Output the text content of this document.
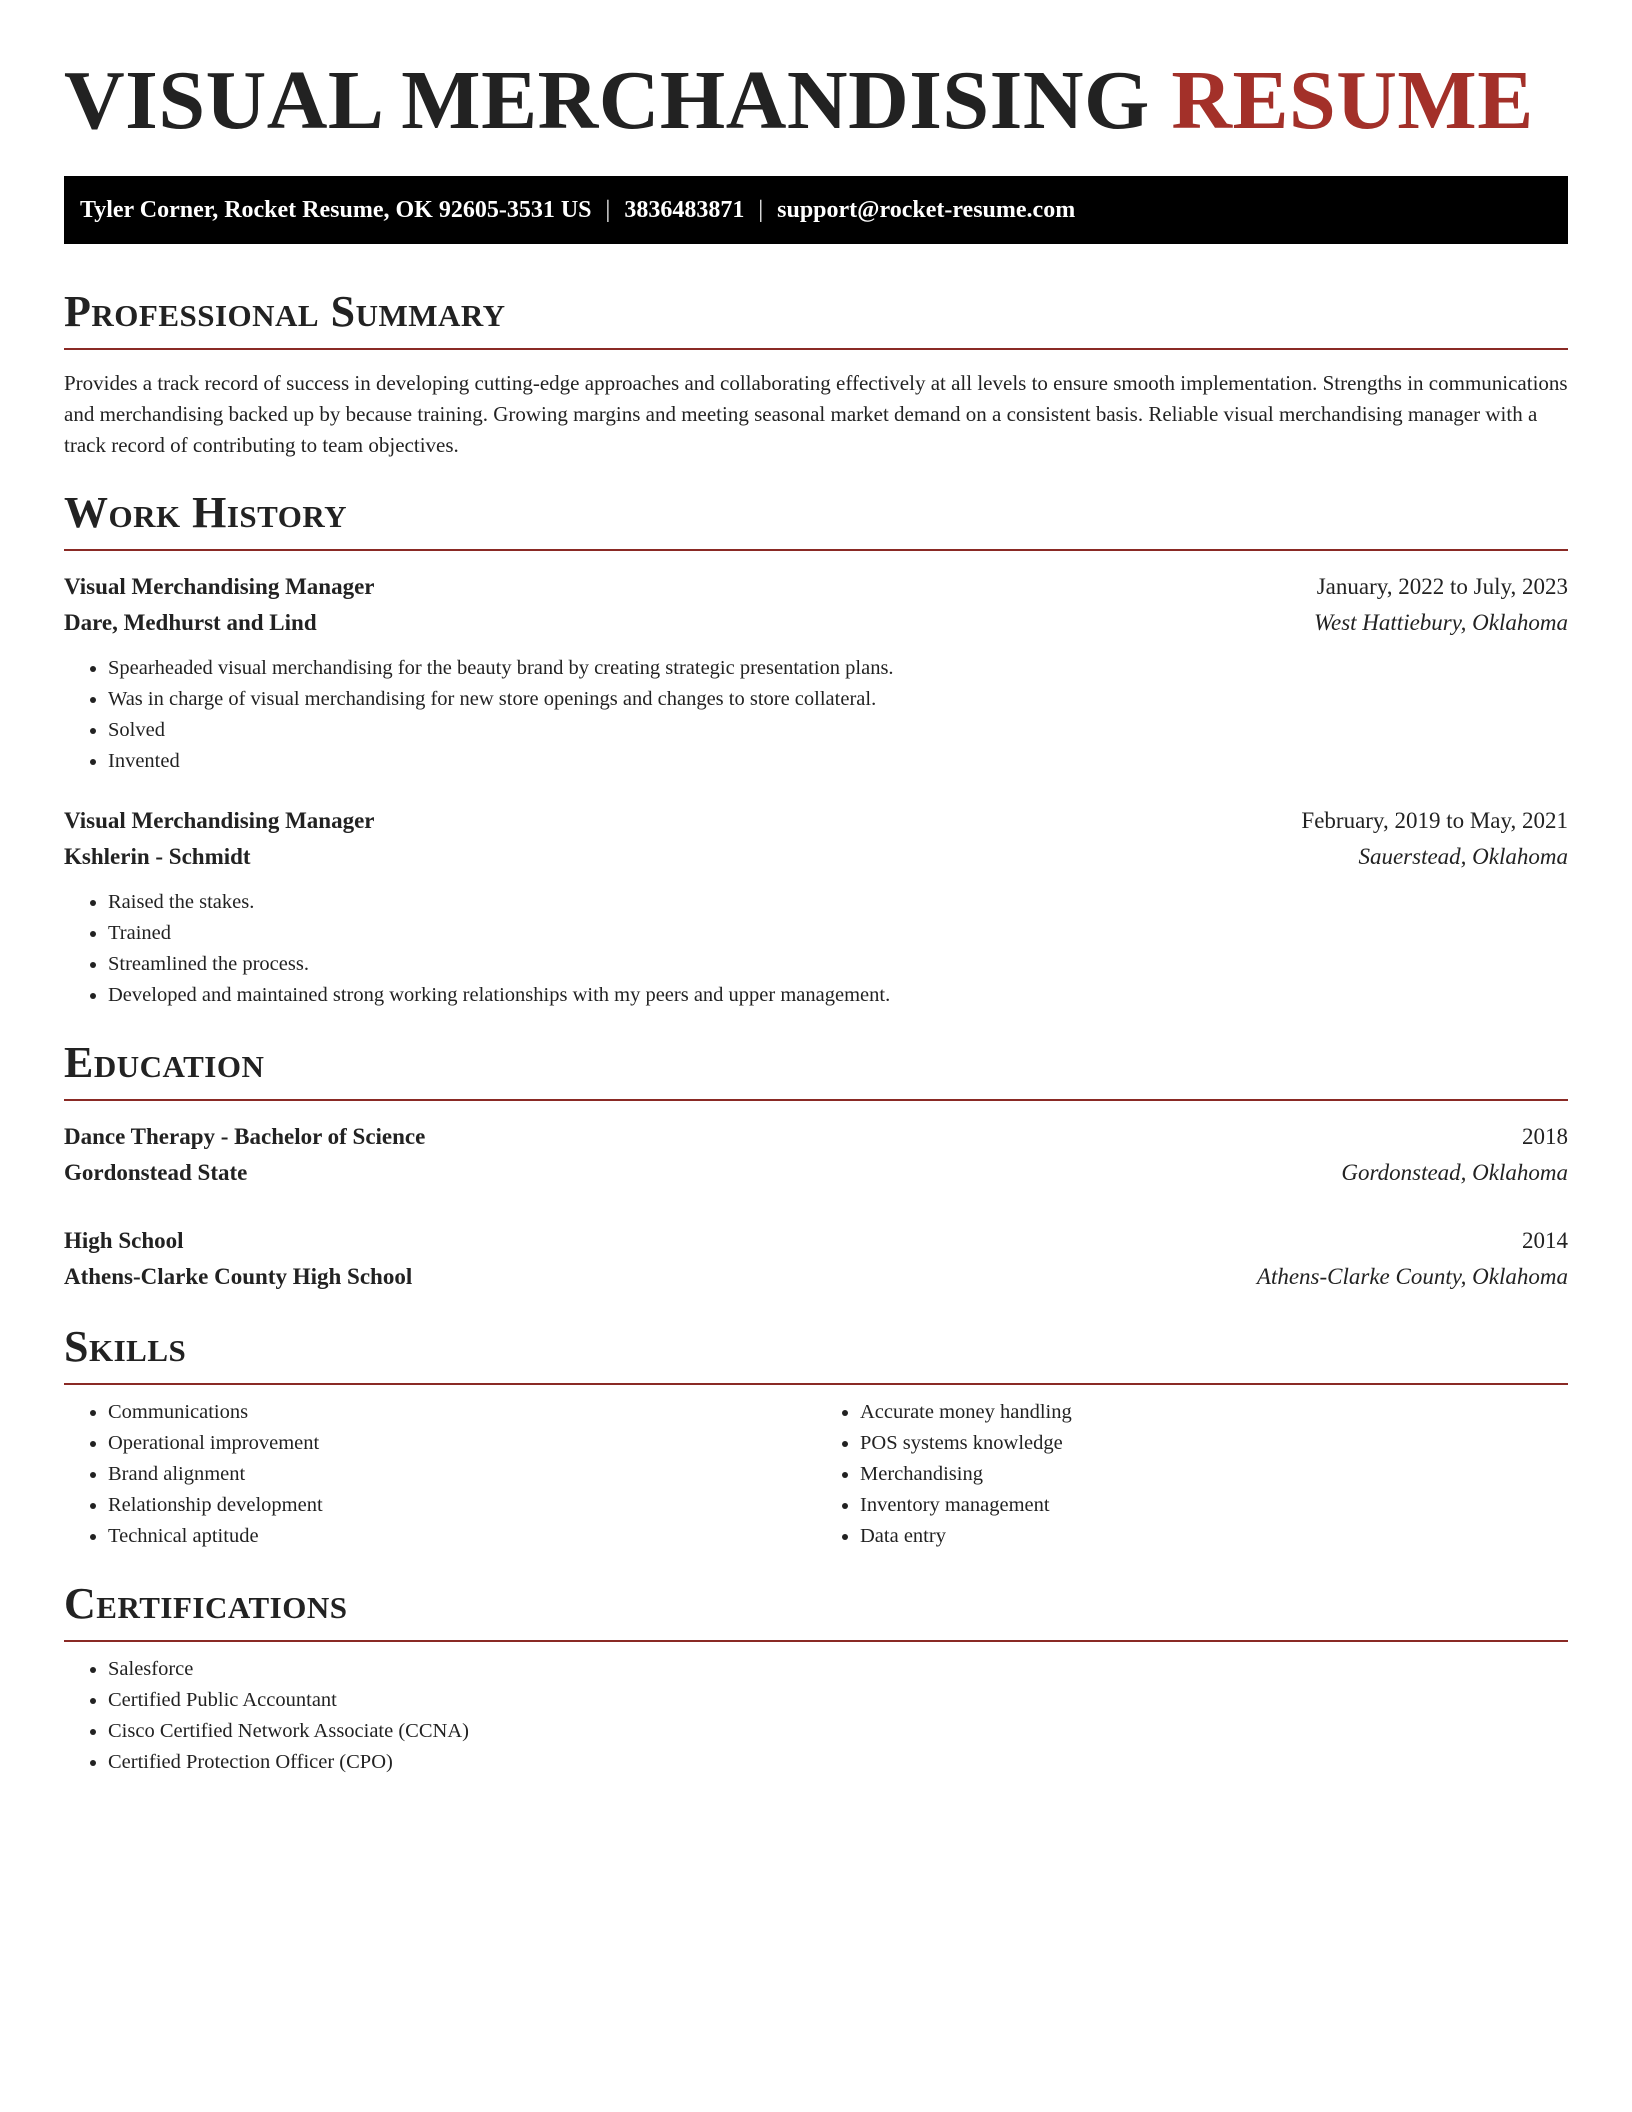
VISUAL MERCHANDISING RESUME
Tyler Corner, Rocket Resume, OK 92605-3531 US | 3836483871 | support@rocket-resume.com
Professional Summary

Provides a track record of success in developing cutting-edge approaches and collaborating effectively at all levels to ensure smooth implementation. Strengths in communications and merchandising backed up by because training. Growing margins and meeting seasonal market demand on a consistent basis. Reliable visual merchandising manager with a track record of contributing to team objectives.

Work History
Visual Merchandising Manager	January, 2022 to July, 2023
Dare, Medhurst and Lind	West Hattiebury, Oklahoma
• Spearheaded visual merchandising for the beauty brand by creating strategic presentation plans.
• Was in charge of visual merchandising for new store openings and changes to store collateral.
• Solved
• Invented
Visual Merchandising Manager	February, 2019 to May, 2021
Kshlerin - Schmidt	Sauerstead, Oklahoma
• Raised the stakes.
• Trained
• Streamlined the process.
• Developed and maintained strong working relationships with my peers and upper management.
Education
Dance Therapy - Bachelor of Science	2018
Gordonstead State	Gordonstead, Oklahoma
High School	2014
Athens-Clarke County High School	Athens-Clarke County, Oklahoma
Skills
• Communications
• Operational improvement
• Brand alignment
• Relationship development
• Technical aptitude
• Accurate money handling
• POS systems knowledge
• Merchandising
• Inventory management
• Data entry
Certifications
• Salesforce
• Certified Public Accountant
• Cisco Certified Network Associate (CCNA)
• Certified Protection Officer (CPO)
